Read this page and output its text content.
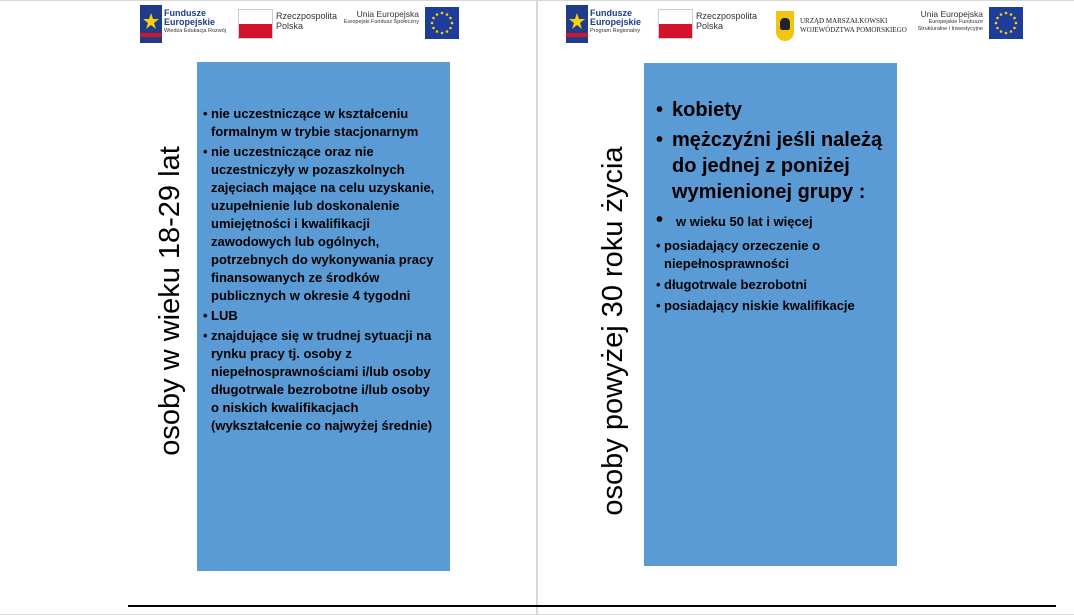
Fundusze Europejskie
Wiedza Edukacja Rozwój
Rzeczpospolita Polska
Unia Europejska
Europejski Fundusz Społeczny
osoby w wieku 18-29 lat
• nie uczestniczące w kształceniu formalnym w trybie stacjonarnym
• nie uczestniczące oraz nie uczestniczyły w pozaszkolnych zajęciach mające na celu uzyskanie, uzupełnienie lub doskonalenie umiejętności i kwalifikacji zawodowych lub ogólnych, potrzebnych do wykonywania pracy finansowanych ze środków publicznych w okresie 4 tygodni
• LUB
• znajdujące się w trudnej sytuacji na rynku pracy tj. osoby z niepełnosprawnościami i/lub osoby długotrwale bezrobotne i/lub osoby o niskich kwalifikacjach (wykształcenie co najwyżej średnie)
Fundusze Europejskie
Program Regionalny
Rzeczpospolita Polska	URZĄD MARSZAŁKOWSKI
WOJEWÓDZTWA POMORSKIEGO
Unia Europejska
Europejskie Fundusze
Strukturalne i Inwestycyjne
osoby powyżej 30 roku życia
• kobiety
• mężczyźni jeśli należą do jednej z poniżej wymienionej grupy :
• w wieku 50 lat i więcej
• posiadający orzeczenie o niepełnosprawności
• długotrwale bezrobotni
• posiadający niskie kwalifikacje
